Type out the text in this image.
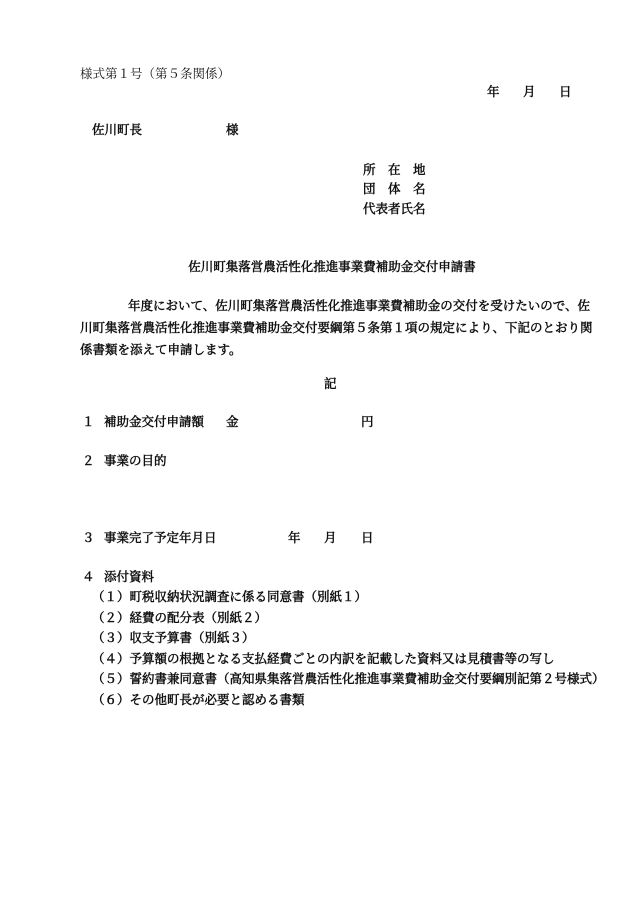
様式第１号（第５条関係）
年 月 日
佐川町長	様
所　在　地
団　体　名
代表者氏名
佐川町集落営農活性化推進事業費補助金交付申請書
年度において、佐川町集落営農活性化推進事業費補助金の交付を受けたいので、佐
川町集落営農活性化推進事業費補助金交付要綱第５条第１項の規定により、下記のとおり関
係書類を添えて申請します。
記
１ 補助金交付申請額 金	円
２ 事業の目的
３ 事業完了予定年月日	年 月 日
４ 添付資料
（１）町税収納状況調査に係る同意書（別紙１）
（２）経費の配分表（別紙２）
（３）収支予算書（別紙３）
（４）予算額の根拠となる支払経費ごとの内訳を記載した資料又は見積書等の写し
（５）誓約書兼同意書（高知県集落営農活性化推進事業費補助金交付要綱別記第２号様式）
（６）その他町長が必要と認める書類
